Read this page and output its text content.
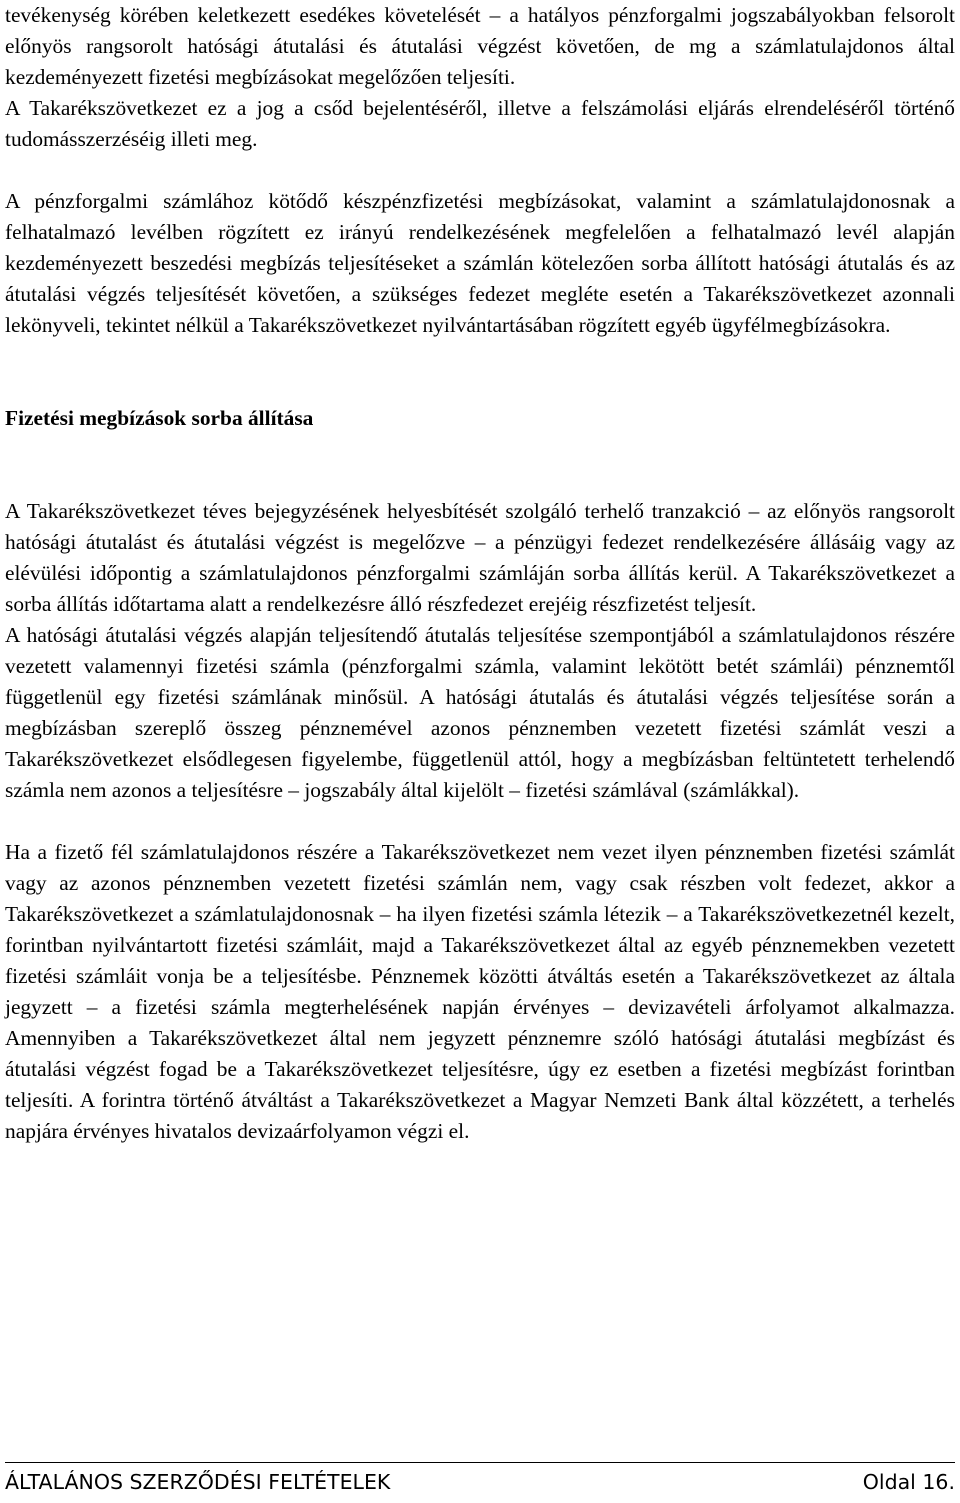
tevékenység körében keletkezett esedékes követelését – a hatályos pénzforgalmi jogszabályokban felsorolt előnyös rangsorolt hatósági átutalási és átutalási végzést követően, de mg a számlatulajdonos által kezdeményezett fizetési megbízásokat megelőzően teljesíti.

A Takarékszövetkezet ez a jog a csőd bejelentéséről, illetve a felszámolási eljárás elrendeléséről történő tudomásszerzéséig illeti meg.

A pénzforgalmi számlához kötődő készpénzfizetési megbízásokat, valamint a számlatulajdonosnak a felhatalmazó levélben rögzített ez irányú rendelkezésének megfelelően a felhatalmazó levél alapján kezdeményezett beszedési megbízás teljesítéseket a számlán kötelezően sorba állított hatósági átutalás és az átutalási végzés teljesítését követően, a szükséges fedezet megléte esetén a Takarékszövetkezet azonnali lekönyveli, tekintet nélkül a Takarékszövetkezet nyilvántartásában rögzített egyéb ügyfélmegbízásokra.

Fizetési megbízások sorba állítása

A Takarékszövetkezet téves bejegyzésének helyesbítését szolgáló terhelő tranzakció – az előnyös rangsorolt hatósági átutalást és átutalási végzést is megelőzve – a pénzügyi fedezet rendelkezésére állásáig vagy az elévülési időpontig a számlatulajdonos pénzforgalmi számláján sorba állítás kerül. A Takarékszövetkezet a sorba állítás időtartama alatt a rendelkezésre álló részfedezet erejéig részfizetést teljesít.

A hatósági átutalási végzés alapján teljesítendő átutalás teljesítése szempontjából a számlatulajdonos részére vezetett valamennyi fizetési számla (pénzforgalmi számla, valamint lekötött betét számlái) pénznemtől függetlenül egy fizetési számlának minősül. A hatósági átutalás és átutalási végzés teljesítése során a megbízásban szereplő összeg pénznemével azonos pénznemben vezetett fizetési számlát veszi a Takarékszövetkezet elsődlegesen figyelembe, függetlenül attól, hogy a megbízásban feltüntetett terhelendő számla nem azonos a teljesítésre – jogszabály által kijelölt – fizetési számlával (számlákkal).

Ha a fizető fél számlatulajdonos részére a Takarékszövetkezet nem vezet ilyen pénznemben fizetési számlát vagy az azonos pénznemben vezetett fizetési számlán nem, vagy csak részben volt fedezet, akkor a Takarékszövetkezet a számlatulajdonosnak – ha ilyen fizetési számla létezik – a Takarékszövetkezetnél kezelt, forintban nyilvántartott fizetési számláit, majd a Takarékszövetkezet által az egyéb pénznemekben vezetett fizetési számláit vonja be a teljesítésbe. Pénznemek közötti átváltás esetén a Takarékszövetkezet az általa jegyzett – a fizetési számla megterhelésének napján érvényes – devizavételi árfolyamot alkalmazza. Amennyiben a Takarékszövetkezet által nem jegyzett pénznemre szóló hatósági átutalási megbízást és átutalási végzést fogad be a Takarékszövetkezet teljesítésre, úgy ez esetben a fizetési megbízást forintban teljesíti. A forintra történő átváltást a Takarékszövetkezet a Magyar Nemzeti Bank által közzétett, a terhelés napjára érvényes hivatalos devizaárfolyamon végzi el.

ÁLTALÁNOS SZERZŐDÉSI FELTÉTELEK	Oldal 16.
